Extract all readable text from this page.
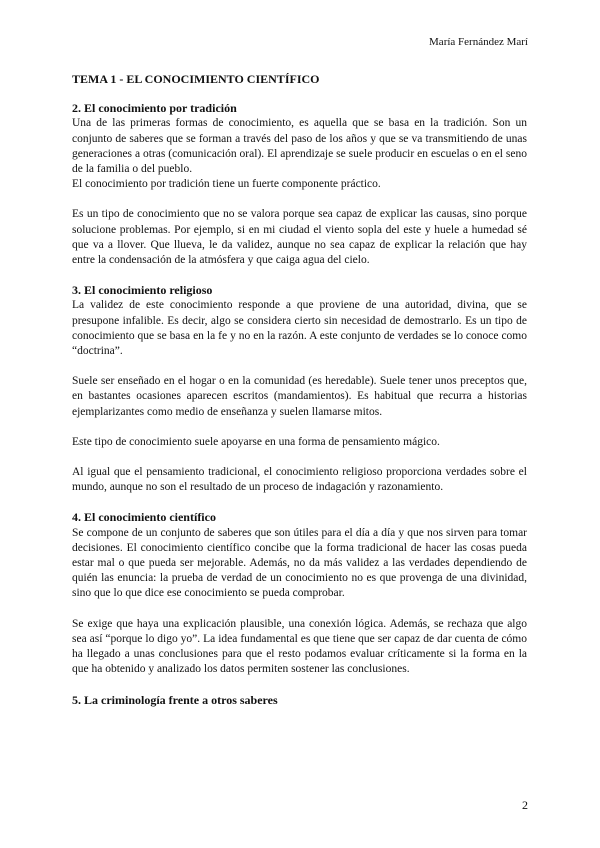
María Fernández Marí

TEMA 1 - EL CONOCIMIENTO CIENTÍFICO

2. El conocimiento por tradición

Una de las primeras formas de conocimiento, es aquella que se basa en la tradición. Son un conjunto de saberes que se forman a través del paso de los años y que se va transmitiendo de unas generaciones a otras (comunicación oral). El aprendizaje se suele producir en escuelas o en el seno de la familia o del pueblo.

El conocimiento por tradición tiene un fuerte componente práctico.

Es un tipo de conocimiento que no se valora porque sea capaz de explicar las causas, sino porque solucione problemas. Por ejemplo, si en mi ciudad el viento sopla del este y huele a humedad sé que va a llover. Que llueva, le da validez, aunque no sea capaz de explicar la relación que hay entre la condensación de la atmósfera y que caiga agua del cielo.

3. El conocimiento religioso

La validez de este conocimiento responde a que proviene de una autoridad, divina, que se presupone infalible. Es decir, algo se considera cierto sin necesidad de demostrarlo. Es un tipo de conocimiento que se basa en la fe y no en la razón. A este conjunto de verdades se lo conoce como “doctrina”.

Suele ser enseñado en el hogar o en la comunidad (es heredable). Suele tener unos preceptos que, en bastantes ocasiones aparecen escritos (mandamientos). Es habitual que recurra a historias ejemplarizantes como medio de enseñanza y suelen llamarse mitos.

Este tipo de conocimiento suele apoyarse en una forma de pensamiento mágico.

Al igual que el pensamiento tradicional, el conocimiento religioso proporciona verdades sobre el mundo, aunque no son el resultado de un proceso de indagación y razonamiento.

4. El conocimiento científico

Se compone de un conjunto de saberes que son útiles para el día a día y que nos sirven para tomar decisiones. El conocimiento científico concibe que la forma tradicional de hacer las cosas pueda estar mal o que pueda ser mejorable. Además, no da más validez a las verdades dependiendo de quién las enuncia: la prueba de verdad de un conocimiento no es que provenga de una divinidad, sino que lo que dice ese conocimiento se pueda comprobar.

Se exige que haya una explicación plausible, una conexión lógica. Además, se rechaza que algo sea así “porque lo digo yo”. La idea fundamental es que tiene que ser capaz de dar cuenta de cómo ha llegado a unas conclusiones para que el resto podamos evaluar críticamente si la forma en la que ha obtenido y analizado los datos permiten sostener las conclusiones.

5. La criminología frente a otros saberes

2
